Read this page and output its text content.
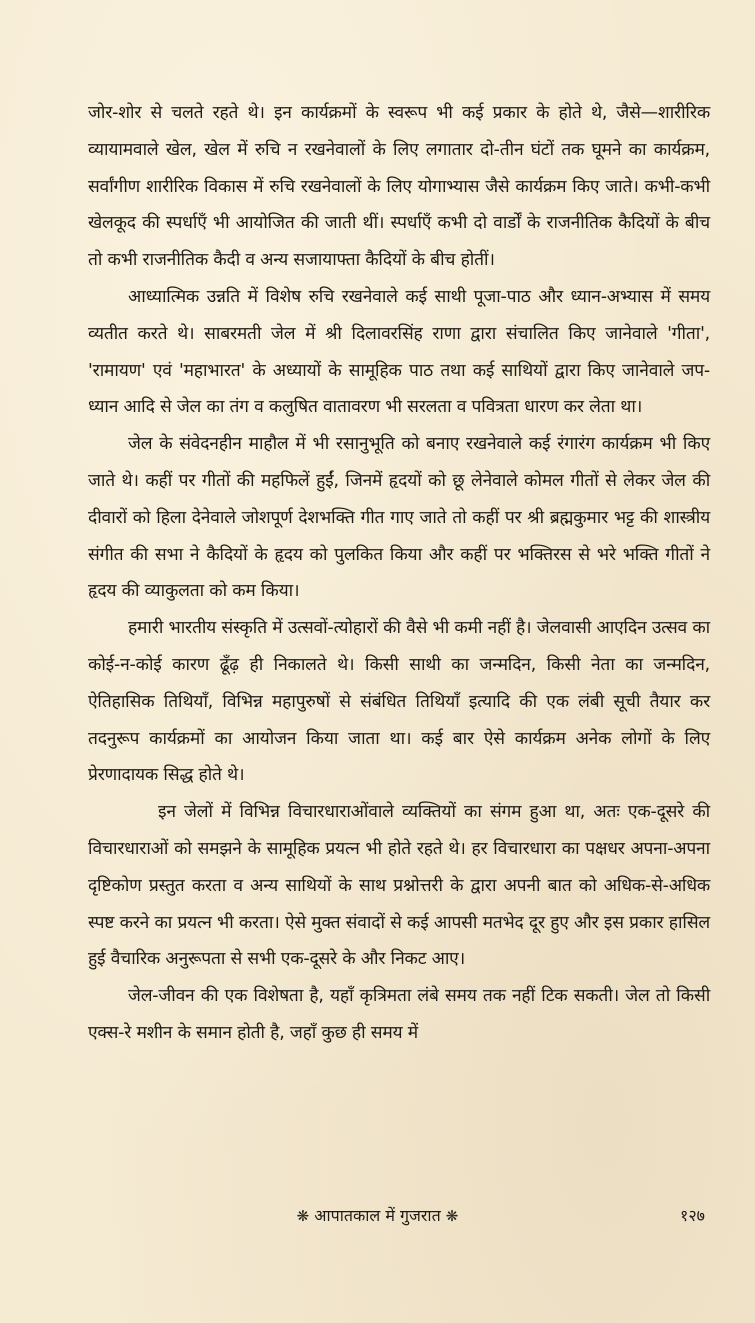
जोर-शोर से चलते रहते थे। इन कार्यक्रमों के स्वरूप भी कई प्रकार के होते थे, जैसे—शारीरिक व्यायामवाले खेल, खेल में रुचि न रखनेवालों के लिए लगातार दो-तीन घंटों तक घूमने का कार्यक्रम, सर्वांगीण शारीरिक विकास में रुचि रखनेवालों के लिए योगाभ्यास जैसे कार्यक्रम किए जाते। कभी-कभी खेलकूद की स्पर्धाएँ भी आयोजित की जाती थीं। स्पर्धाएँ कभी दो वार्डों के राजनीतिक कैदियों के बीच तो कभी राजनीतिक कैदी व अन्य सजायाफ्ता कैदियों के बीच होतीं।

आध्यात्मिक उन्नति में विशेष रुचि रखनेवाले कई साथी पूजा-पाठ और ध्यान-अभ्यास में समय व्यतीत करते थे। साबरमती जेल में श्री दिलावरसिंह राणा द्वारा संचालित किए जानेवाले 'गीता', 'रामायण' एवं 'महाभारत' के अध्यायों के सामूहिक पाठ तथा कई साथियों द्वारा किए जानेवाले जप-ध्यान आदि से जेल का तंग व कलुषित वातावरण भी सरलता व पवित्रता धारण कर लेता था।

जेल के संवेदनहीन माहौल में भी रसानुभूति को बनाए रखनेवाले कई रंगारंग कार्यक्रम भी किए जाते थे। कहीं पर गीतों की महफिलें हुईं, जिनमें हृदयों को छू लेनेवाले कोमल गीतों से लेकर जेल की दीवारों को हिला देनेवाले जोशपूर्ण देशभक्ति गीत गाए जाते तो कहीं पर श्री ब्रह्मकुमार भट्ट की शास्त्रीय संगीत की सभा ने कैदियों के हृदय को पुलकित किया और कहीं पर भक्तिरस से भरे भक्ति गीतों ने हृदय की व्याकुलता को कम किया।

हमारी भारतीय संस्कृति में उत्सवों-त्योहारों की वैसे भी कमी नहीं है। जेलवासी आएदिन उत्सव का कोई-न-कोई कारण ढूँढ़ ही निकालते थे। किसी साथी का जन्मदिन, किसी नेता का जन्मदिन, ऐतिहासिक तिथियाँ, विभिन्न महापुरुषों से संबंधित तिथियाँ इत्यादि की एक लंबी सूची तैयार कर तदनुरूप कार्यक्रमों का आयोजन किया जाता था। कई बार ऐसे कार्यक्रम अनेक लोगों के लिए प्रेरणादायक सिद्ध होते थे।

इन जेलों में विभिन्न विचारधाराओंवाले व्यक्तियों का संगम हुआ था, अतः एक-दूसरे की विचारधाराओं को समझने के सामूहिक प्रयत्न भी होते रहते थे। हर विचारधारा का पक्षधर अपना-अपना दृष्टिकोण प्रस्तुत करता व अन्य साथियों के साथ प्रश्नोत्तरी के द्वारा अपनी बात को अधिक-से-अधिक स्पष्ट करने का प्रयत्न भी करता। ऐसे मुक्त संवादों से कई आपसी मतभेद दूर हुए और इस प्रकार हासिल हुई वैचारिक अनुरूपता से सभी एक-दूसरे के और निकट आए।

जेल-जीवन की एक विशेषता है, यहाँ कृत्रिमता लंबे समय तक नहीं टिक सकती। जेल तो किसी एक्स-रे मशीन के समान होती है, जहाँ कुछ ही समय में

❋ आपातकाल में गुजरात ❋	१२७
